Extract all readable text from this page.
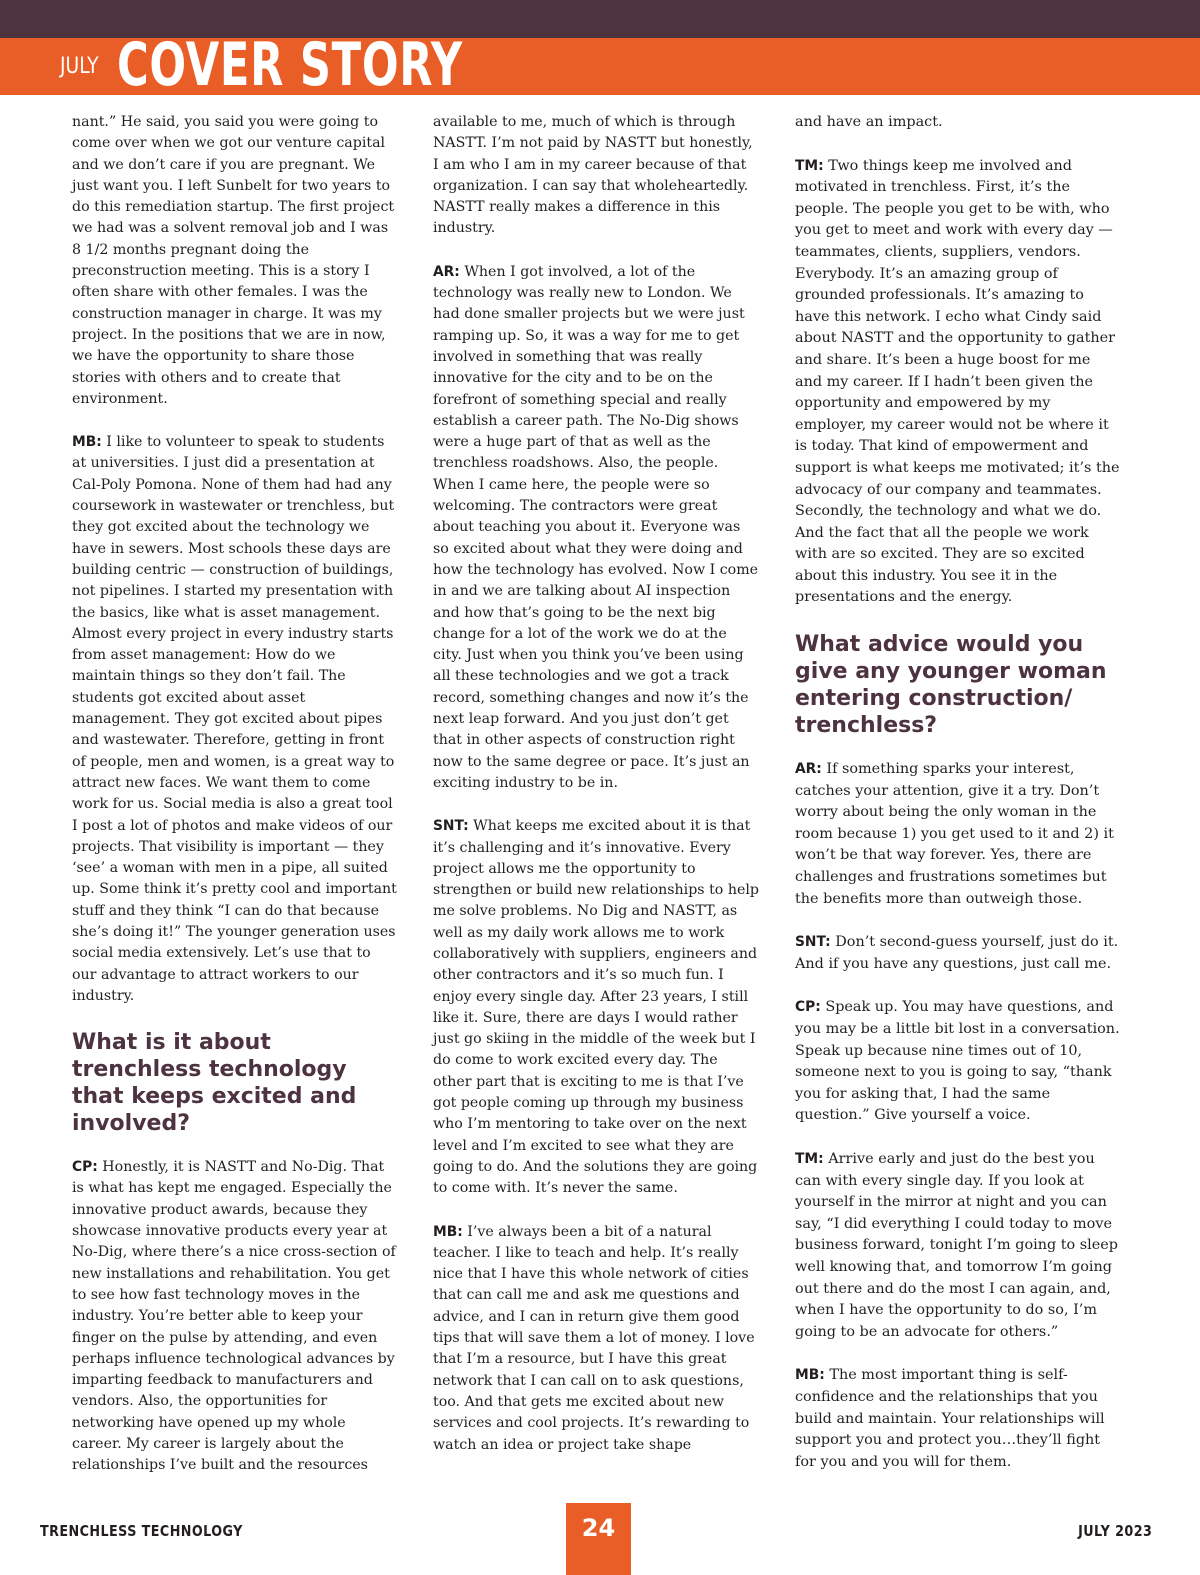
JULY COVER STORY

nant.” He said, you said you were going to come over when we got our venture capital and we don’t care if you are pregnant. We just want you. I left Sunbelt for two years to do this remediation startup. The first project we had was a solvent removal job and I was 8 1/2 months pregnant doing the preconstruction meeting. This is a story I often share with other females. I was the construction manager in charge. It was my project. In the positions that we are in now, we have the opportunity to share those stories with others and to create that environment.

MB: I like to volunteer to speak to students at universities. I just did a presentation at Cal-Poly Pomona. None of them had had any coursework in wastewater or trenchless, but they got excited about the technology we have in sewers. Most schools these days are building centric — construction of buildings, not pipelines. I started my presentation with the basics, like what is asset management. Almost every project in every industry starts from asset management: How do we maintain things so they don’t fail. The students got excited about asset management. They got excited about pipes and wastewater. Therefore, getting in front of people, men and women, is a great way to attract new faces. We want them to come work for us. Social media is also a great tool I post a lot of photos and make videos of our projects. That visibility is important — they ‘see’ a woman with men in a pipe, all suited up. Some think it’s pretty cool and important stuff and they think “I can do that because she’s doing it!” The younger generation uses social media extensively. Let’s use that to our advantage to attract workers to our industry.

What is it about trenchless technology that keeps excited and involved?

CP: Honestly, it is NASTT and No-Dig. That is what has kept me engaged. Especially the innovative product awards, because they showcase innovative products every year at No-Dig, where there’s a nice cross-section of new installations and rehabilitation. You get to see how fast technology moves in the industry. You’re better able to keep your finger on the pulse by attending, and even perhaps influence technological advances by imparting feedback to manufacturers and vendors. Also, the opportunities for networking have opened up my whole career. My career is largely about the relationships I’ve built and the resources

available to me, much of which is through NASTT. I’m not paid by NASTT but honestly, I am who I am in my career because of that organization. I can say that wholeheartedly. NASTT really makes a difference in this industry.

AR: When I got involved, a lot of the technology was really new to London. We had done smaller projects but we were just ramping up. So, it was a way for me to get involved in something that was really innovative for the city and to be on the forefront of something special and really establish a career path. The No-Dig shows were a huge part of that as well as the trenchless roadshows. Also, the people. When I came here, the people were so welcoming. The contractors were great about teaching you about it. Everyone was so excited about what they were doing and how the technology has evolved. Now I come in and we are talking about AI inspection and how that’s going to be the next big change for a lot of the work we do at the city. Just when you think you’ve been using all these technologies and we got a track record, something changes and now it’s the next leap forward. And you just don’t get that in other aspects of construction right now to the same degree or pace. It’s just an exciting industry to be in.

SNT: What keeps me excited about it is that it’s challenging and it’s innovative. Every project allows me the opportunity to strengthen or build new relationships to help me solve problems. No Dig and NASTT, as well as my daily work allows me to work collaboratively with suppliers, engineers and other contractors and it’s so much fun. I enjoy every single day. After 23 years, I still like it. Sure, there are days I would rather just go skiing in the middle of the week but I do come to work excited every day. The other part that is exciting to me is that I’ve got people coming up through my business who I’m mentoring to take over on the next level and I’m excited to see what they are going to do. And the solutions they are going to come with. It’s never the same.

MB: I’ve always been a bit of a natural teacher. I like to teach and help. It’s really nice that I have this whole network of cities that can call me and ask me questions and advice, and I can in return give them good tips that will save them a lot of money. I love that I’m a resource, but I have this great network that I can call on to ask questions, too. And that gets me excited about new services and cool projects. It’s rewarding to watch an idea or project take shape

and have an impact.

TM: Two things keep me involved and motivated in trenchless. First, it’s the people. The people you get to be with, who you get to meet and work with every day — teammates, clients, suppliers, vendors. Everybody. It’s an amazing group of grounded professionals. It’s amazing to have this network. I echo what Cindy said about NASTT and the opportunity to gather and share. It’s been a huge boost for me and my career. If I hadn’t been given the opportunity and empowered by my employer, my career would not be where it is today. That kind of empowerment and support is what keeps me motivated; it’s the advocacy of our company and teammates. Secondly, the technology and what we do. And the fact that all the people we work with are so excited. They are so excited about this industry. You see it in the presentations and the energy.

What advice would you give any younger woman entering construction/ trenchless?

AR: If something sparks your interest, catches your attention, give it a try. Don’t worry about being the only woman in the room because 1) you get used to it and 2) it won’t be that way forever. Yes, there are challenges and frustrations sometimes but the benefits more than outweigh those.

SNT: Don’t second-guess yourself, just do it. And if you have any questions, just call me.

CP: Speak up. You may have questions, and you may be a little bit lost in a conversation. Speak up because nine times out of 10, someone next to you is going to say, “thank you for asking that, I had the same question.” Give yourself a voice.

TM: Arrive early and just do the best you can with every single day. If you look at yourself in the mirror at night and you can say, “I did everything I could today to move business forward, tonight I’m going to sleep well knowing that, and tomorrow I’m going out there and do the most I can again, and, when I have the opportunity to do so, I’m going to be an advocate for others.”

MB: The most important thing is self-confidence and the relationships that you build and maintain. Your relationships will support you and protect you…they’ll fight for you and you will for them.

TRENCHLESS TECHNOLOGY	24	JULY 2023
